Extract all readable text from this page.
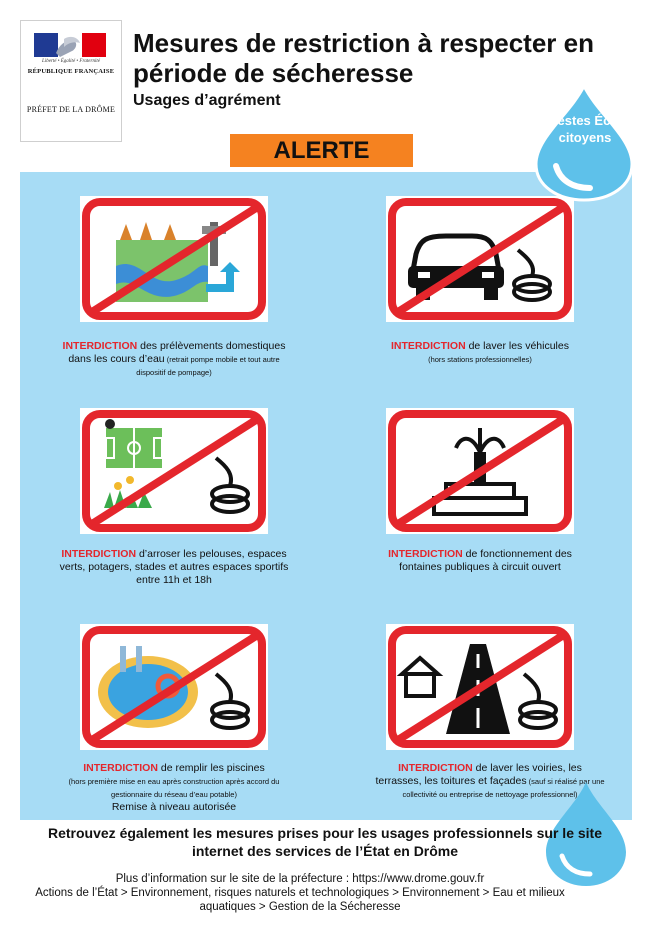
Liberté • Égalité • Fraternité
RÉPUBLIQUE FRANÇAISE
PRÉFET DE LA DRÔME
Mesures de restriction à respecter en période de sécheresse
Usages d’agrément
ALERTE
INTERDICTION des prélèvements domestiques dans les cours d’eau (retrait pompe mobile et tout autre dispositif de pompage)
INTERDICTION de laver les véhicules
(hors stations professionnelles)
INTERDICTION d’arroser les pelouses, espaces verts, potagers, stades et autres espaces sportifs entre 11h et 18h
INTERDICTION de fonctionnement des fontaines publiques à circuit ouvert
INTERDICTION de remplir les piscines
(hors première mise en eau après construction après accord du gestionnaire du réseau d’eau potable)
Remise à niveau autorisée
INTERDICTION de laver les voiries, les terrasses, les toitures et façades (sauf si réalisé par une collectivité ou entreprise de nettoyage professionnel)
Gestes Éco-citoyens
Retrouvez également les mesures prises pour les usages professionnels sur le site internet des services de l’État en Drôme
Plus d’information sur le site de la préfecture : https://www.drome.gouv.fr
Actions de l’État > Environnement, risques naturels et technologiques > Environnement > Eau et milieux aquatiques > Gestion de la Sécheresse
